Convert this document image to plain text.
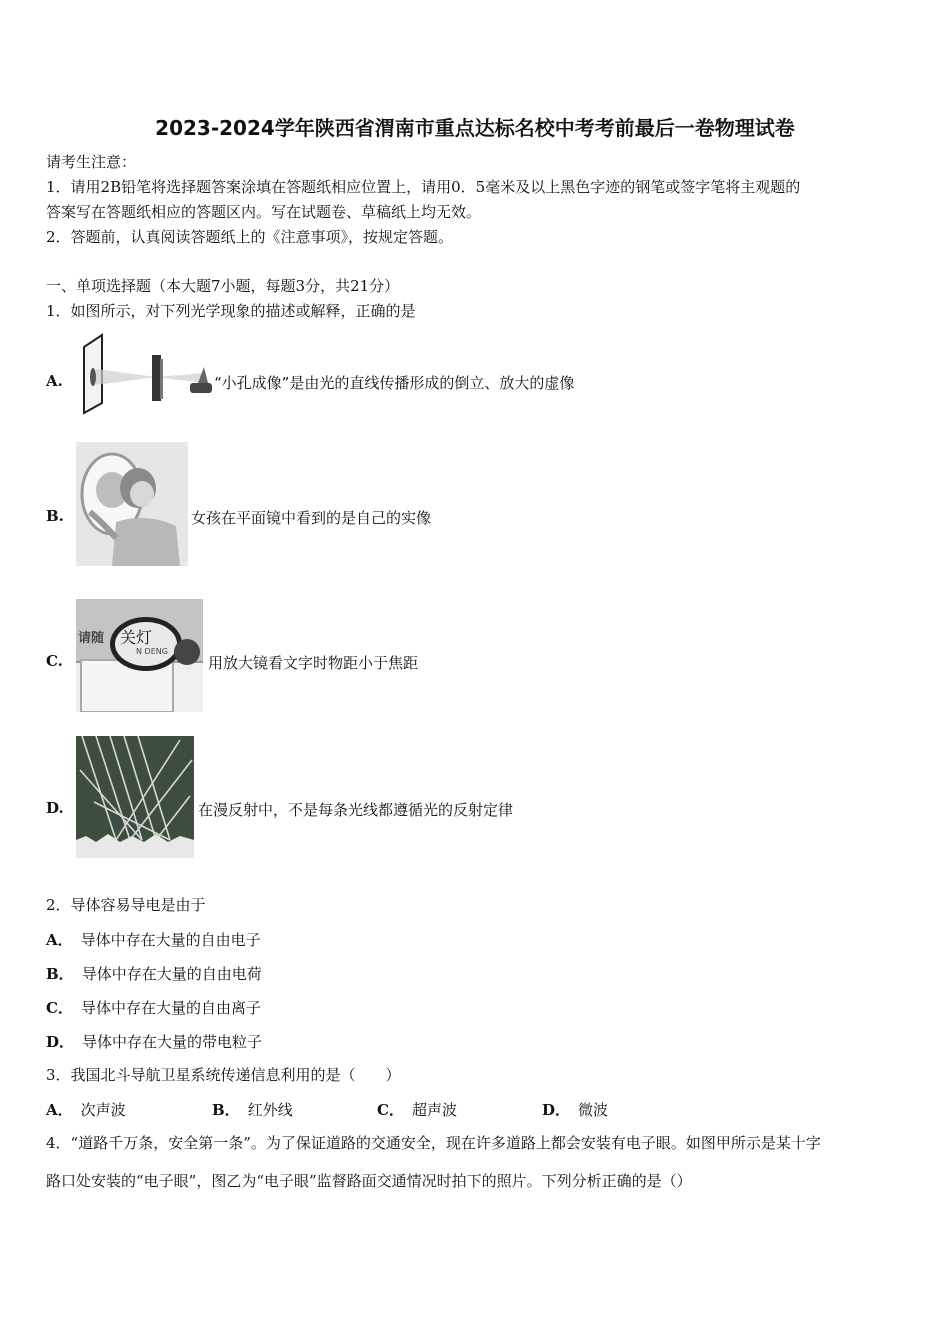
2023-2024学年陕西省渭南市重点达标名校中考考前最后一卷物理试卷
请考生注意：
1．请用2B铅笔将选择题答案涂填在答题纸相应位置上，请用0．5毫米及以上黑色字迹的钢笔或签字笔将主观题的
答案写在答题纸相应的答题区内。写在试题卷、草稿纸上均无效。
2．答题前，认真阅读答题纸上的《注意事项》，按规定答题。
一、单项选择题（本大题7小题，每题3分，共21分）
1．如图所示，对下列光学现象的描述或解释，正确的是
A.	“小孔成像”是由光的直线传播形成的倒立、放大的虚像
B.	女孩在平面镜中看到的是自己的实像
C.
请随 关灯
N DENG
用放大镜看文字时物距小于焦距
D.	在漫反射中，不是每条光线都遵循光的反射定律
2．导体容易导电是由于
A． 导体中存在大量的自由电子
B． 导体中存在大量的自由电荷
C． 导体中存在大量的自由离子
D． 导体中存在大量的带电粒子
3．我国北斗导航卫星系统传递信息利用的是（　　）
A． 次声波	B． 红外线	C． 超声波	D． 微波
4．“道路千万条，安全第一条”。为了保证道路的交通安全，现在许多道路上都会安装有电子眼。如图甲所示是某十字
路口处安装的“电子眼”，图乙为“电子眼”监督路面交通情况时拍下的照片。下列分析正确的是（）
